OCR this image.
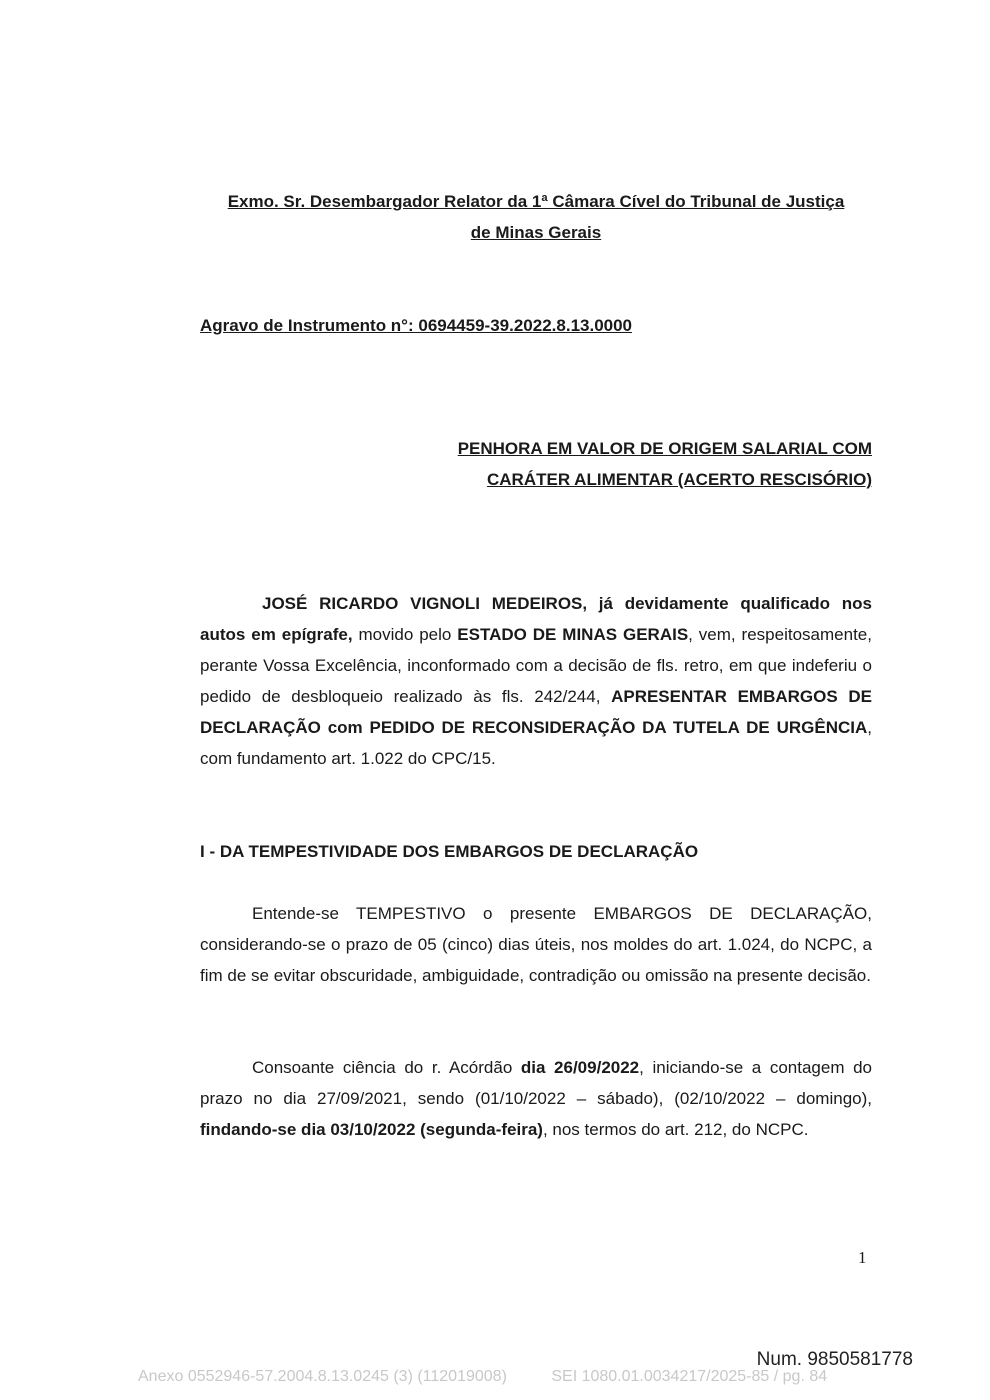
Exmo. Sr. Desembargador Relator da 1ª Câmara Cível do Tribunal de Justiça
de Minas Gerais
Agravo de Instrumento n°: 0694459-39.2022.8.13.0000
PENHORA EM VALOR DE ORIGEM SALARIAL COM
CARÁTER ALIMENTAR (ACERTO RESCISÓRIO)

JOSÉ RICARDO VIGNOLI MEDEIROS, já devidamente qualificado nos autos em epígrafe, movido pelo ESTADO DE MINAS GERAIS, vem, respeitosamente, perante Vossa Excelência, inconformado com a decisão de fls. retro, em que indeferiu o pedido de desbloqueio realizado às fls. 242/244, APRESENTAR EMBARGOS DE DECLARAÇÃO com PEDIDO DE RECONSIDERAÇÃO DA TUTELA DE URGÊNCIA, com fundamento art. 1.022 do CPC/15.

I - DA TEMPESTIVIDADE DOS EMBARGOS DE DECLARAÇÃO

Entende-se TEMPESTIVO o presente EMBARGOS DE DECLARAÇÃO, considerando-se o prazo de 05 (cinco) dias úteis, nos moldes do art. 1.024, do NCPC, a fim de se evitar obscuridade, ambiguidade, contradição ou omissão na presente decisão.

Consoante ciência do r. Acórdão dia 26/09/2022, iniciando-se a contagem do prazo no dia 27/09/2021, sendo (01/10/2022 – sábado), (02/10/2022 – domingo), findando-se dia 03/10/2022 (segunda-feira), nos termos do art. 212, do NCPC.

1
Num. 9850581778
Anexo 0552946-57.2004.8.13.0245 (3) (112019008)	SEI 1080.01.0034217/2025-85 / pg. 84
